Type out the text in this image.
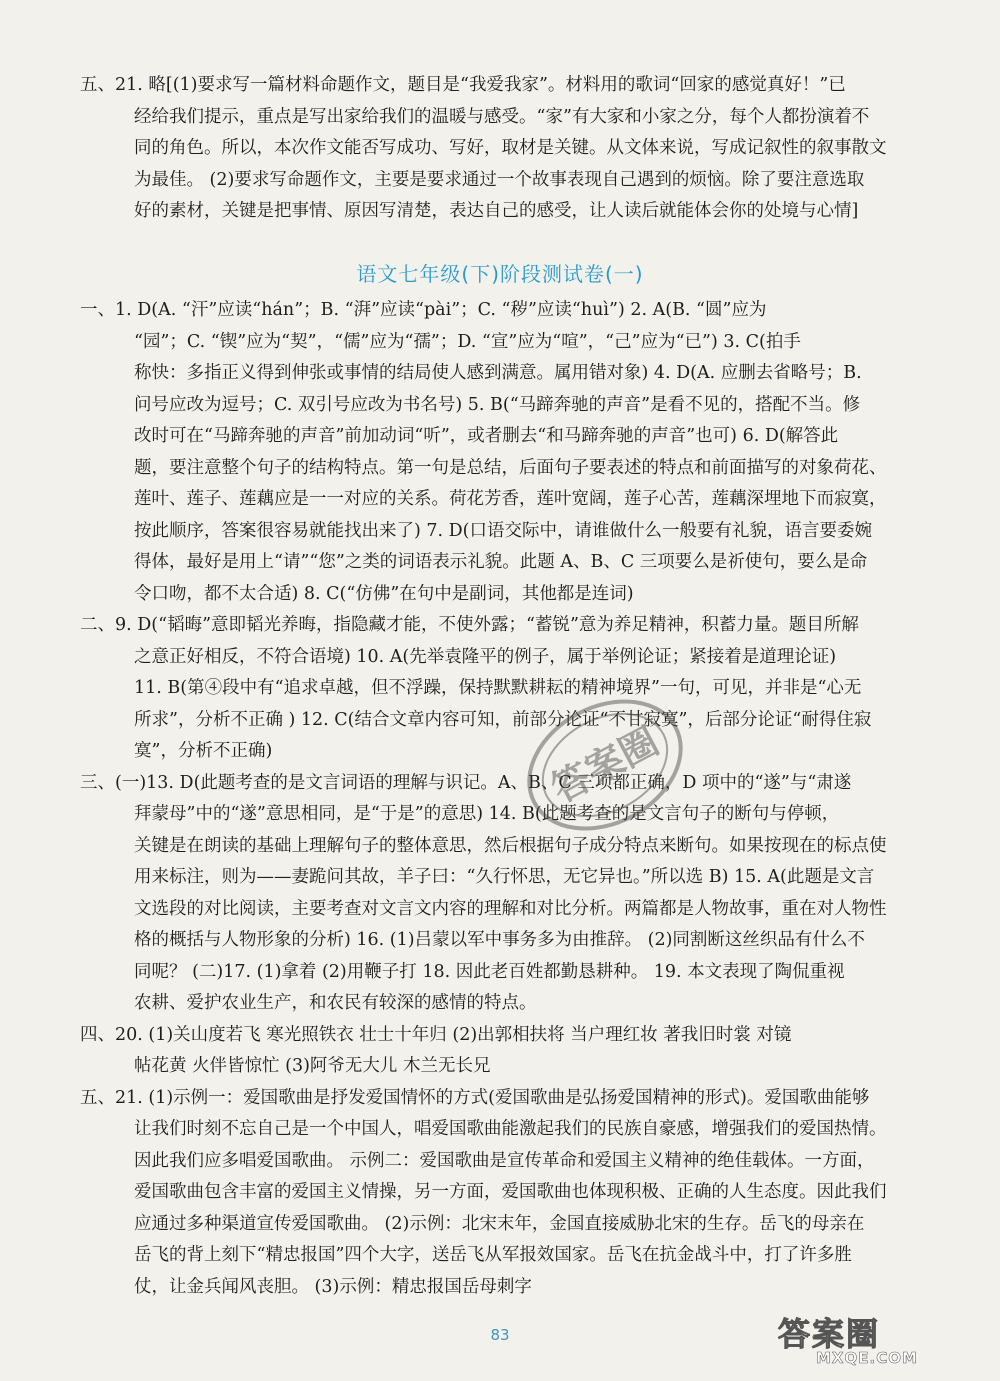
五、21. 略[(1)要求写一篇材料命题作文，题目是“我爱我家”。材料用的歌词“回家的感觉真好！”已
经给我们提示，重点是写出家给我们的温暖与感受。“家”有大家和小家之分，每个人都扮演着不
同的角色。所以，本次作文能否写成功、写好，取材是关键。从文体来说，写成记叙性的叙事散文
为最佳。 (2)要求写命题作文，主要是要求通过一个故事表现自己遇到的烦恼。除了要注意选取
好的素材，关键是把事情、原因写清楚，表达自己的感受，让人读后就能体会你的处境与心情]
语文七年级(下)阶段测试卷(一)
一、1. D(A. “汗”应读“hán”；B. “湃”应读“pài”；C. “秽”应读“huì”) 2. A(B. “圆”应为
“园”；C. “锲”应为“契”，“儒”应为“孺”；D. “宣”应为“喧”，“己”应为“已”) 3. C(拍手
称快：多指正义得到伸张或事情的结局使人感到满意。属用错对象) 4. D(A. 应删去省略号；B.
问号应改为逗号；C. 双引号应改为书名号) 5. B(“马蹄奔驰的声音”是看不见的，搭配不当。修
改时可在“马蹄奔驰的声音”前加动词“听”，或者删去“和马蹄奔驰的声音”也可) 6. D(解答此
题，要注意整个句子的结构特点。第一句是总结，后面句子要表述的特点和前面描写的对象荷花、
莲叶、莲子、莲藕应是一一对应的关系。荷花芳香，莲叶宽阔，莲子心苦，莲藕深埋地下而寂寞，
按此顺序，答案很容易就能找出来了) 7. D(口语交际中，请谁做什么一般要有礼貌，语言要委婉
得体，最好是用上“请”“您”之类的词语表示礼貌。此题 A、B、C 三项要么是祈使句，要么是命
令口吻，都不太合适) 8. C(“仿佛”在句中是副词，其他都是连词)
二、9. D(“韬晦”意即韬光养晦，指隐藏才能，不使外露；“蓄锐”意为养足精神，积蓄力量。题目所解
之意正好相反，不符合语境) 10. A(先举袁隆平的例子，属于举例论证；紧接着是道理论证)
11. B(第④段中有“追求卓越，但不浮躁，保持默默耕耘的精神境界”一句，可见，并非是“心无
所求”，分析不正确 ) 12. C(结合文章内容可知，前部分论证“不甘寂寞”，后部分论证“耐得住寂
寞”，分析不正确)
三、(一)13. D(此题考查的是文言词语的理解与识记。A、B、C 三项都正确，D 项中的“遂”与“肃遂
拜蒙母”中的“遂”意思相同，是“于是”的意思) 14. B(此题考查的是文言句子的断句与停顿，
关键是在朗读的基础上理解句子的整体意思，然后根据句子成分特点来断句。如果按现在的标点使
用来标注，则为——妻跪问其故，羊子曰：“久行怀思，无它异也。”所以选 B) 15. A(此题是文言
文选段的对比阅读，主要考查对文言文内容的理解和对比分析。两篇都是人物故事，重在对人物性
格的概括与人物形象的分析) 16. (1)吕蒙以军中事务多为由推辞。 (2)同割断这丝织品有什么不
同呢？ (二)17. (1)拿着 (2)用鞭子打 18. 因此老百姓都勤恳耕种。 19. 本文表现了陶侃重视
农耕、爱护农业生产，和农民有较深的感情的特点。
四、20. (1)关山度若飞 寒光照铁衣 壮士十年归 (2)出郭相扶将 当户理红妆 著我旧时裳 对镜
帖花黄 火伴皆惊忙 (3)阿爷无大儿 木兰无长兄
五、21. (1)示例一：爱国歌曲是抒发爱国情怀的方式(爱国歌曲是弘扬爱国精神的形式)。爱国歌曲能够
让我们时刻不忘自己是一个中国人，唱爱国歌曲能激起我们的民族自豪感，增强我们的爱国热情。
因此我们应多唱爱国歌曲。 示例二：爱国歌曲是宣传革命和爱国主义精神的绝佳载体。一方面，
爱国歌曲包含丰富的爱国主义情操，另一方面，爱国歌曲也体现积极、正确的人生态度。因此我们
应通过多种渠道宣传爱国歌曲。 (2)示例：北宋末年，金国直接威胁北宋的生存。岳飞的母亲在
岳飞的背上刻下“精忠报国”四个大字，送岳飞从军报效国家。岳飞在抗金战斗中，打了许多胜
仗，让金兵闻风丧胆。 (3)示例：精忠报国岳母刺字
答案圈
83	答案圈
MXQE.COM
